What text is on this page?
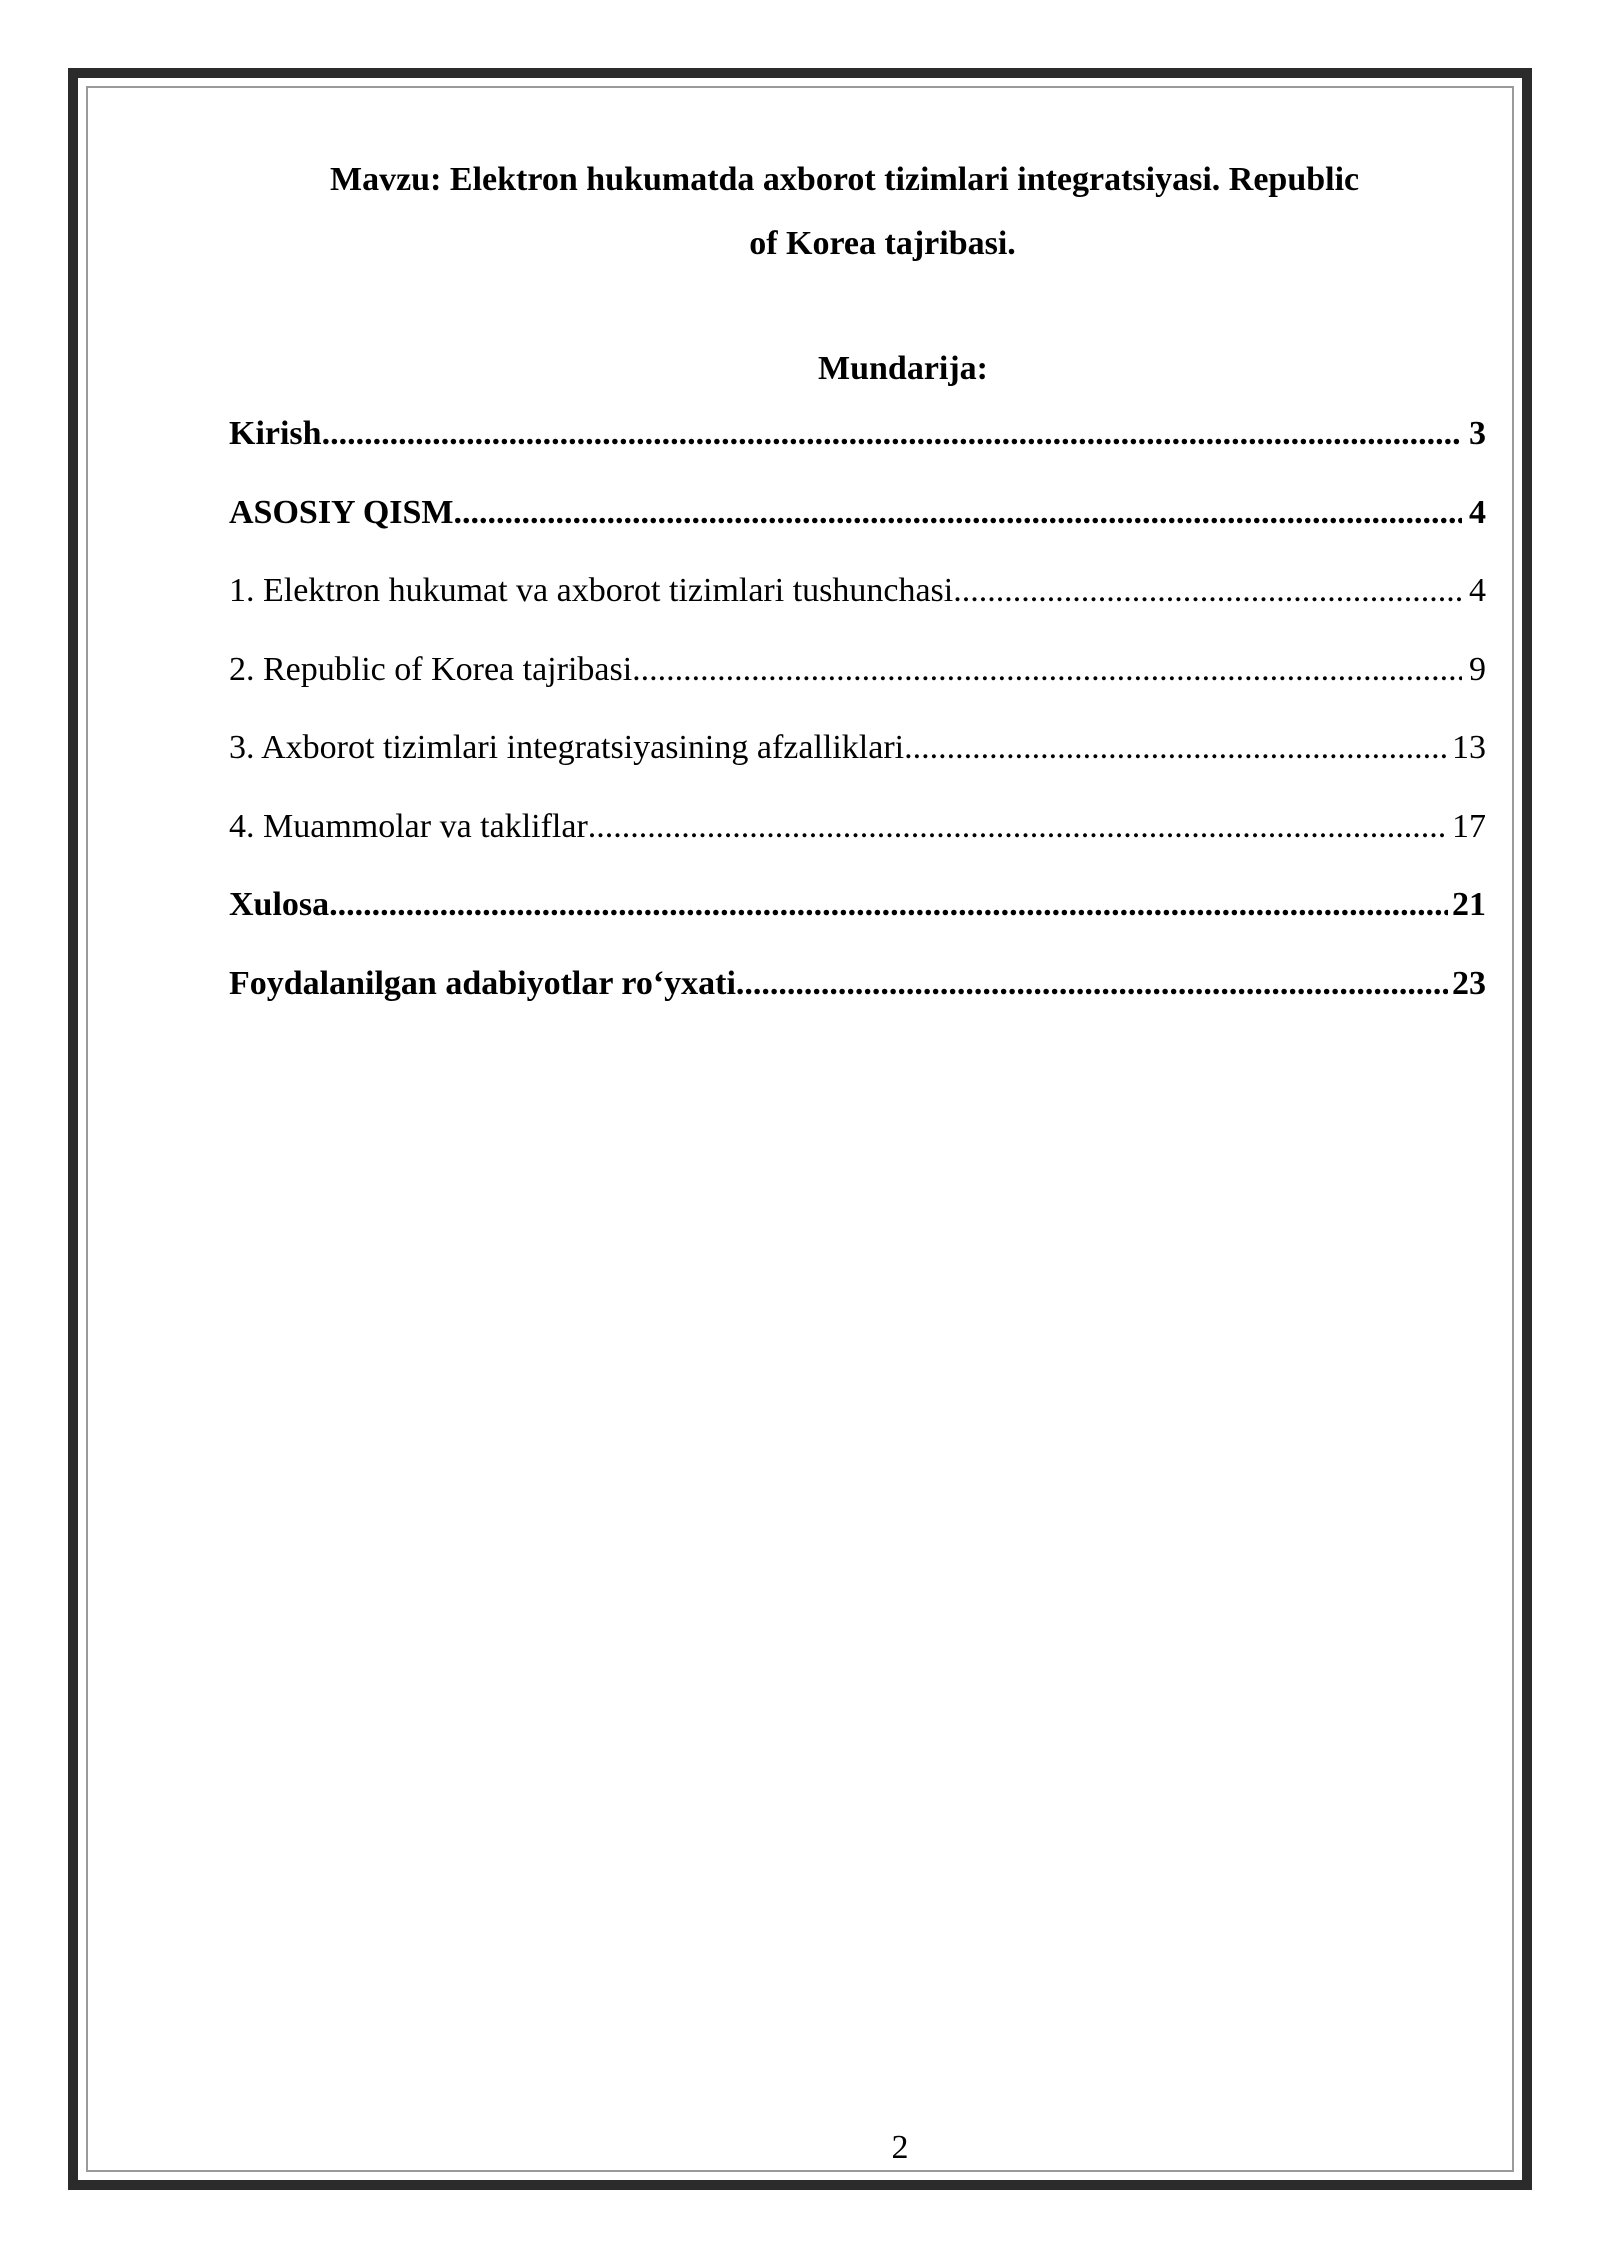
Mavzu: Elektron hukumatda axborot tizimlari integratsiyasi. Republic
of Korea tajribasi.
Mundarija:
Kirish .....	3
ASOSIY QISM .....	4
1. Elektron hukumat va axborot tizimlari tushunchasi .....	4
2. Republic of Korea tajribasi .....	9
3. Axborot tizimlari integratsiyasining afzalliklari .....	13
4. Muammolar va takliflar .....	17
Xulosa .....	21
Foydalanilgan adabiyotlar ro‘yxati .....	23
2
